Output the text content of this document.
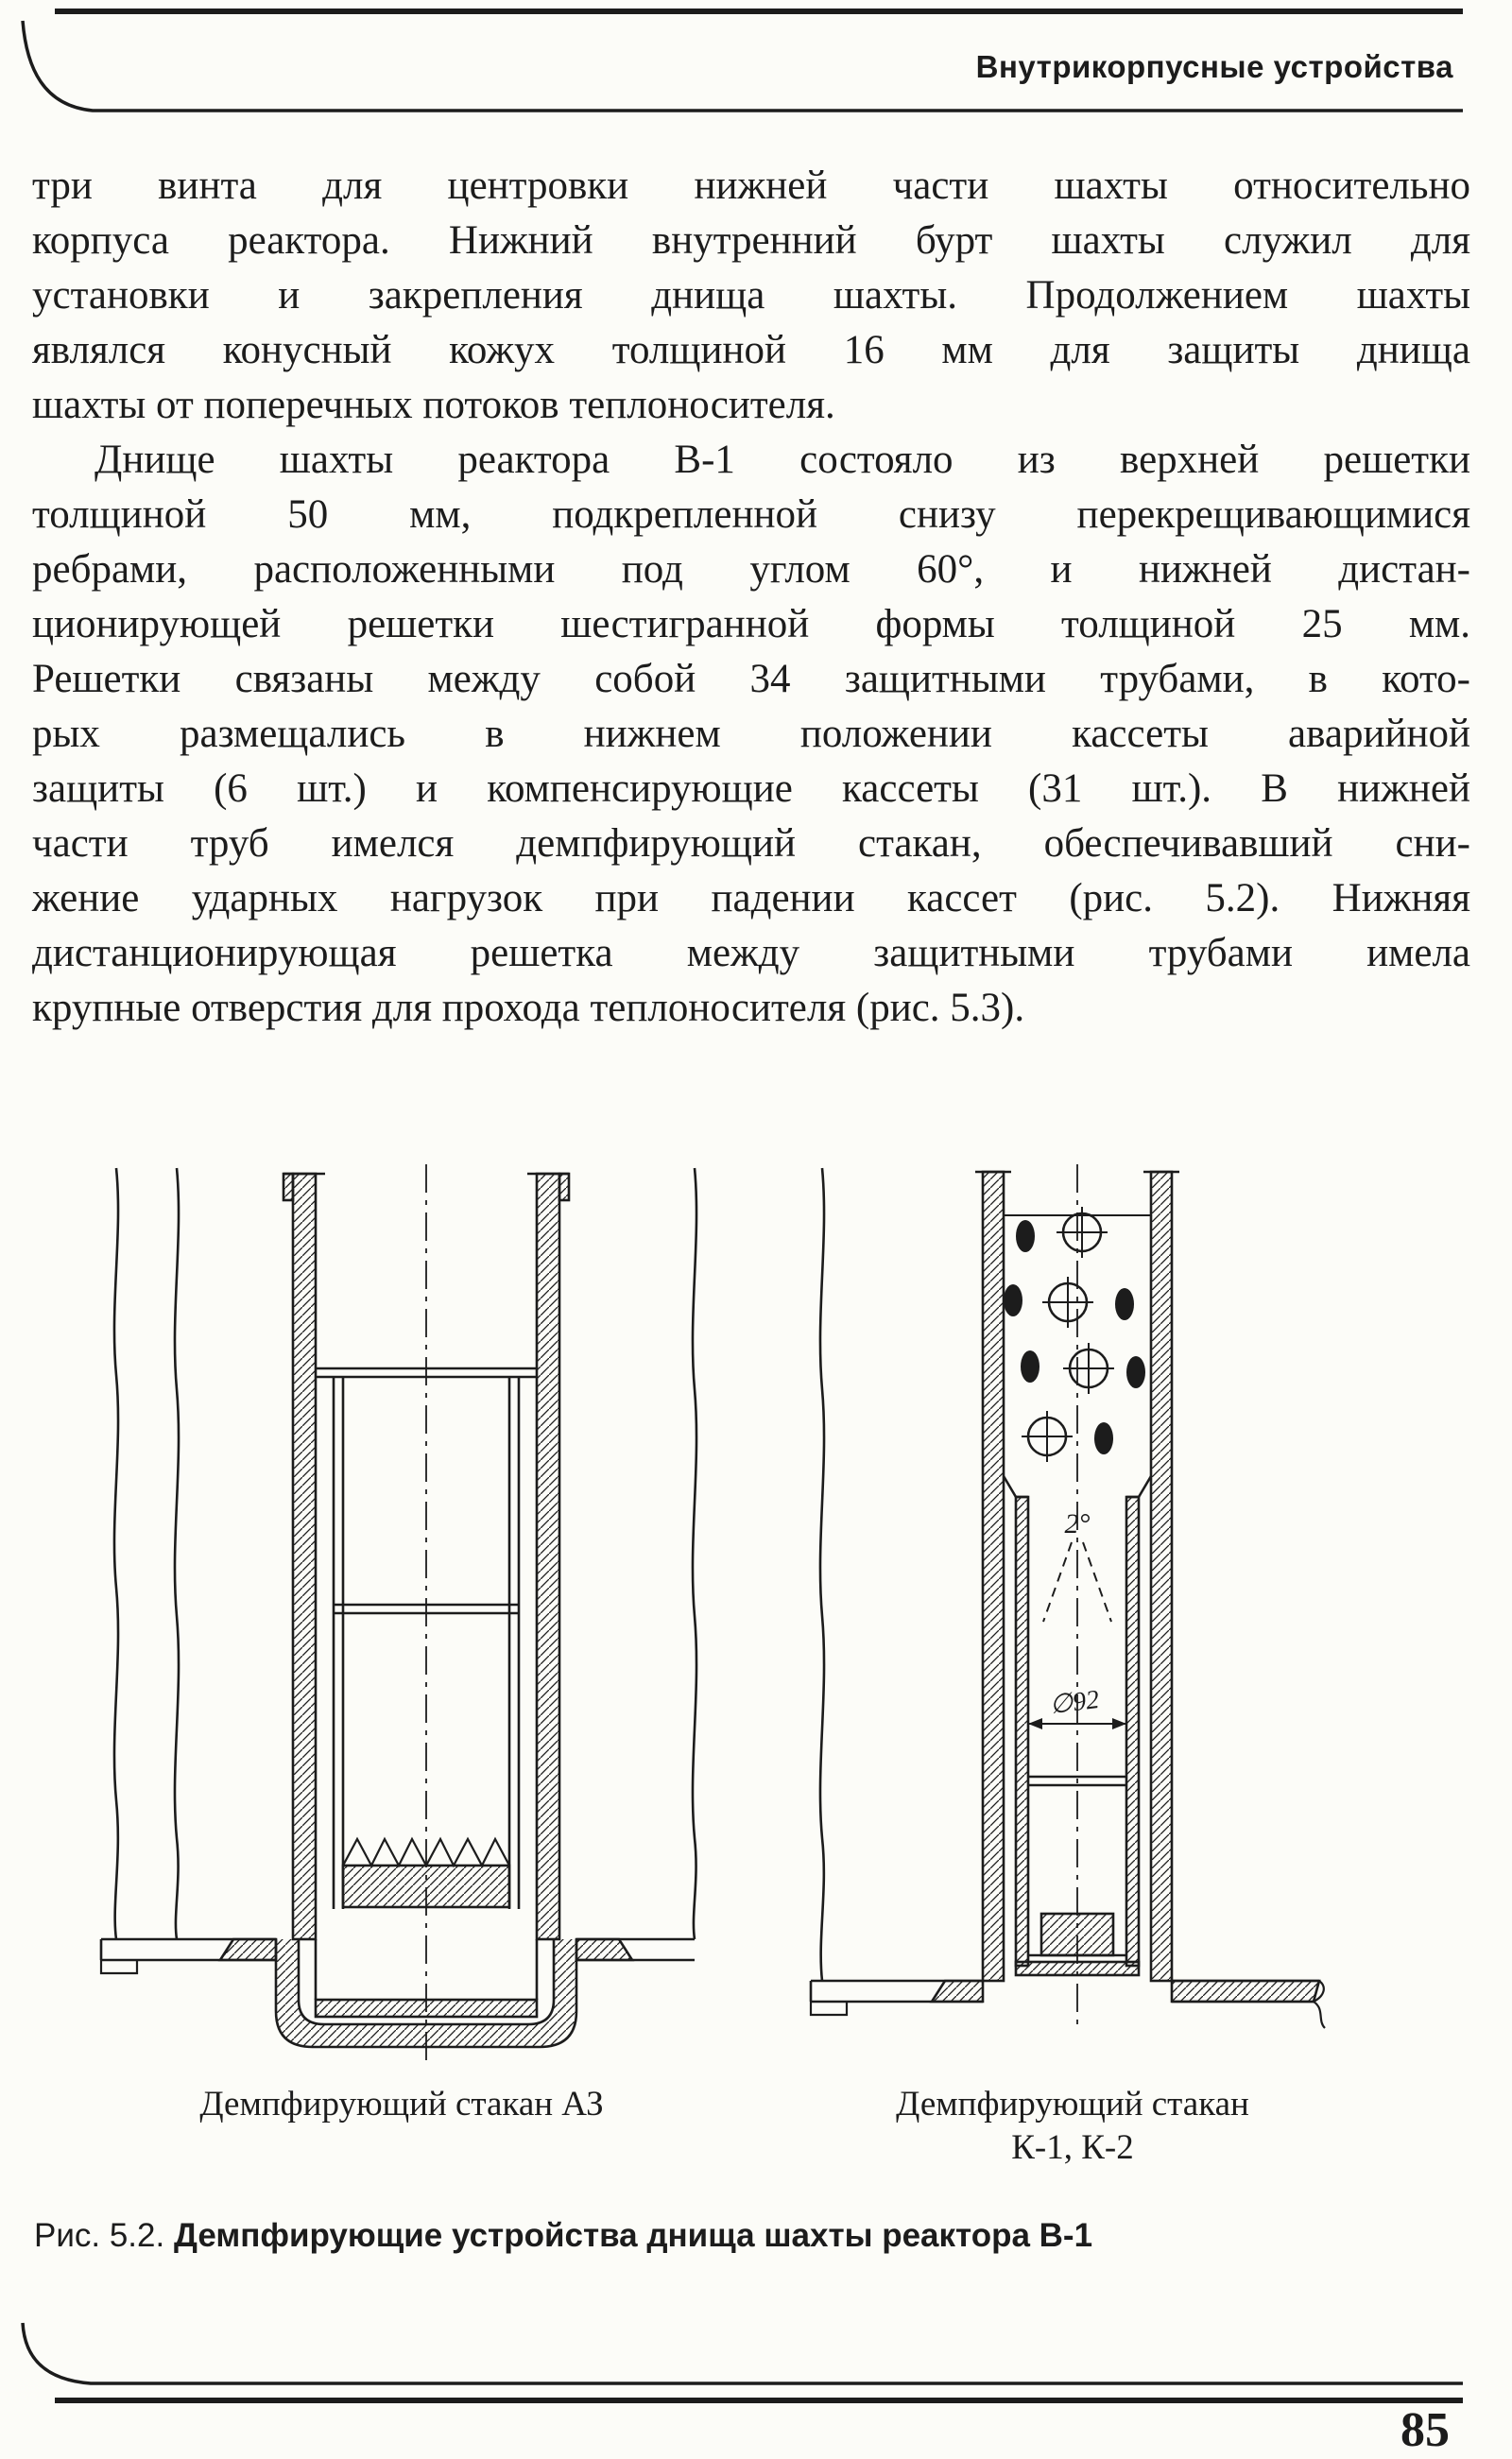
Внутрикорпусные устройства
три винта для центровки нижней части шахты относительно
корпуса реактора. Нижний внутренний бурт шахты служил для
установки и закрепления днища шахты. Продолжением шахты
являлся конусный кожух толщиной 16 мм для защиты днища
шахты от поперечных потоков теплоносителя.
Днище шахты реактора В-1 состояло из верхней решетки
толщиной 50 мм, подкрепленной снизу перекрещивающимися
ребрами, расположенными под углом 60°, и нижней дистан-
ционирующей решетки шестигранной формы толщиной 25 мм.
Решетки связаны между собой 34 защитными трубами, в кото-
рых размещались в нижнем положении кассеты аварийной
защиты (6 шт.) и компенсирующие кассеты (31 шт.). В нижней
части труб имелся демпфирующий стакан, обеспечивавший сни-
жение ударных нагрузок при падении кассет (рис. 5.2). Нижняя
дистанционирующая решетка между защитными трубами имела
крупные отверстия для прохода теплоносителя (рис. 5.3).
2°
∅92
Демпфирующий стакан АЗ	Демпфирующий стакан
К-1, К-2
Рис. 5.2. Демпфирующие устройства днища шахты реактора В-1
85
